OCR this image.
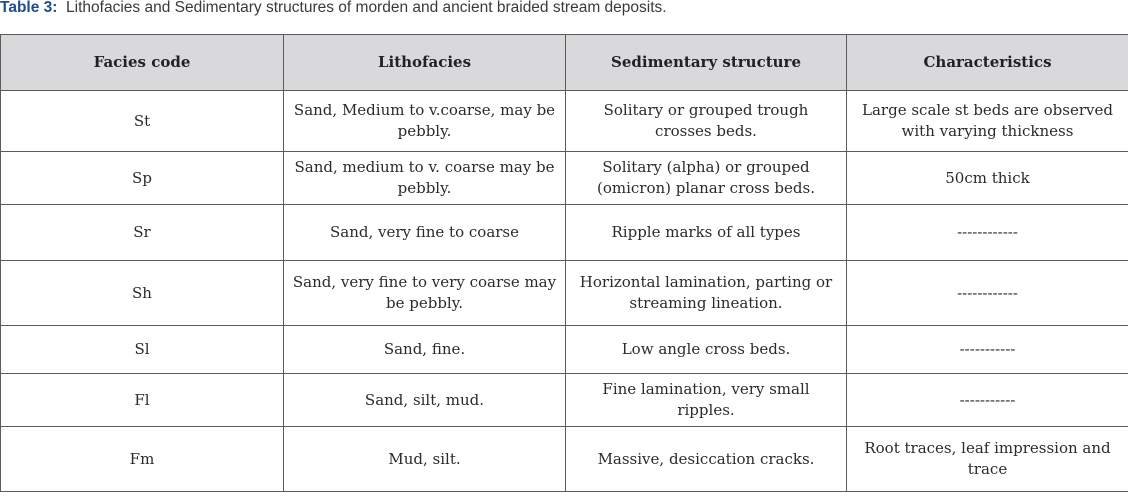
Table 3: Lithofacies and Sedimentary structures of morden and ancient braided stream deposits.
Facies code	Lithofacies	Sedimentary structure	Characteristics
St	Sand, Medium to v.coarse, may be pebbly.	Solitary or grouped trough crosses beds.	Large scale st beds are observed with varying thickness
Sp	Sand, medium to v. coarse may be pebbly.	Solitary (alpha) or grouped (omicron) planar cross beds.	50cm thick
Sr	Sand, very fine to coarse	Ripple marks of all types	------------
Sh	Sand, very fine to very coarse may be pebbly.	Horizontal lamination, parting or streaming lineation.	------------
Sl	Sand, fine.	Low angle cross beds.	-----------
Fl	Sand, silt, mud.	Fine lamination, very small ripples.	-----------
Fm	Mud, silt.	Massive, desiccation cracks.	Root traces, leaf impression and trace
